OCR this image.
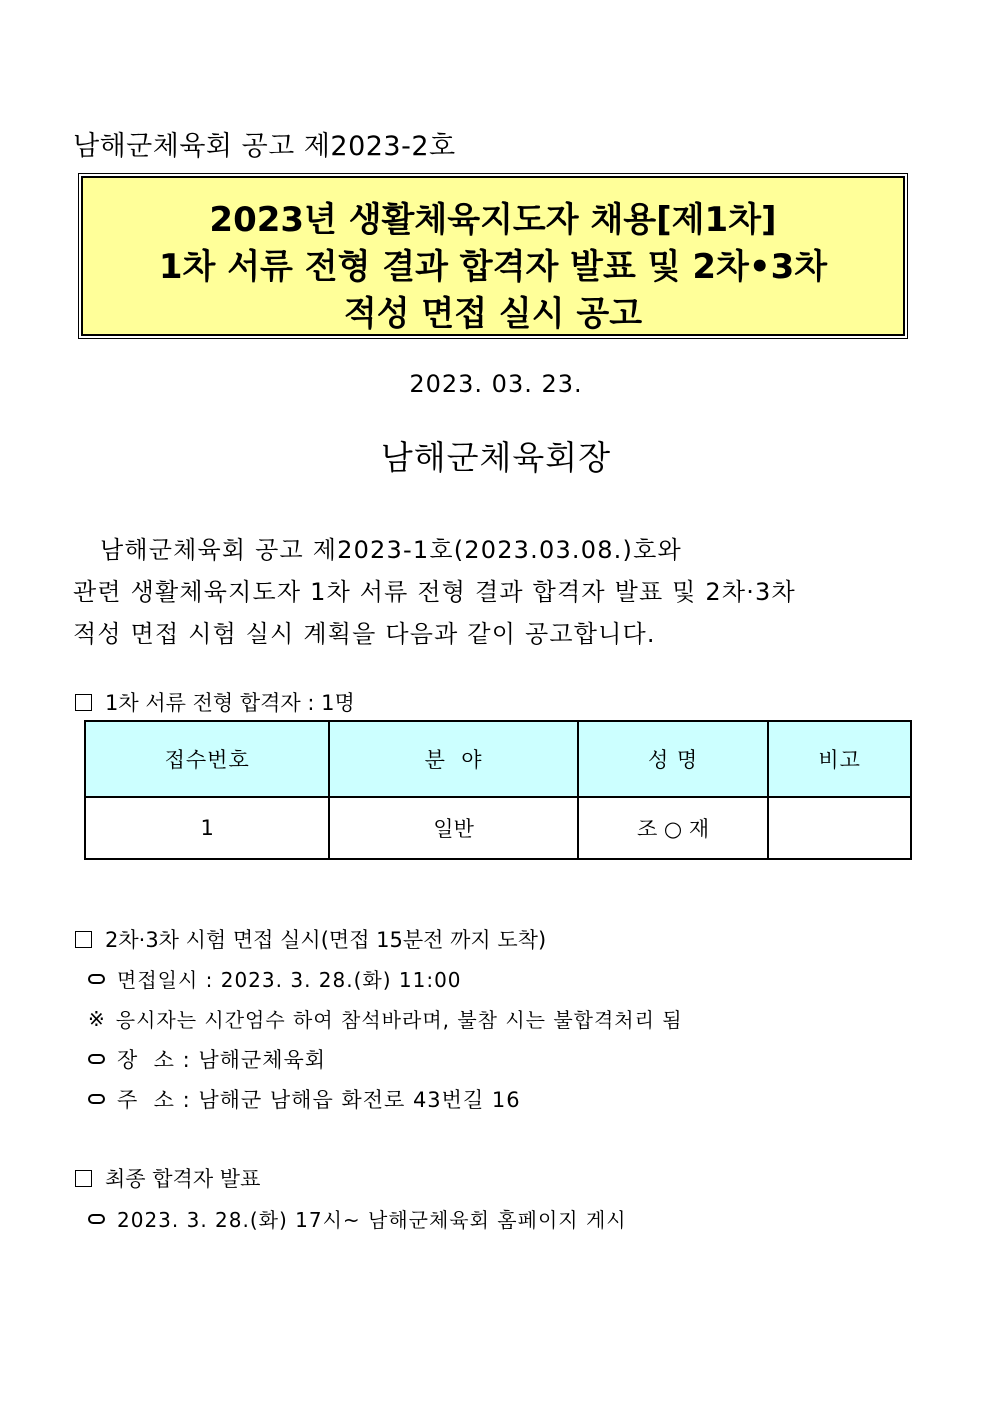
남해군체육회 공고 제2023-2호
2023년 생활체육지도자 채용[제1차]
1차 서류 전형 결과 합격자 발표 및 2차•3차
적성 면접 실시 공고
2023. 03. 23.
남해군체육회장
남해군체육회 공고 제2023-1호(2023.03.08.)호와
관련 생활체육지도자 1차 서류 전형 결과 합격자 발표 및 2차·3차
적성 면접 시험 실시 계획을 다음과 같이 공고합니다.
1차 서류 전형 합격자 : 1명
접수번호	분  야	성 명	비고
1	일반	조 ○ 재	
2차·3차 시험 면접 실시(면접 15분전 까지 도착)
면접일시 : 2023. 3. 28.(화) 11:00
※ 응시자는 시간엄수 하여 참석바라며, 불참 시는 불합격처리 됨
장  소 : 남해군체육회
주  소 : 남해군 남해읍 화전로 43번길 16
최종 합격자 발표
2023. 3. 28.(화) 17시~ 남해군체육회 홈페이지 게시
